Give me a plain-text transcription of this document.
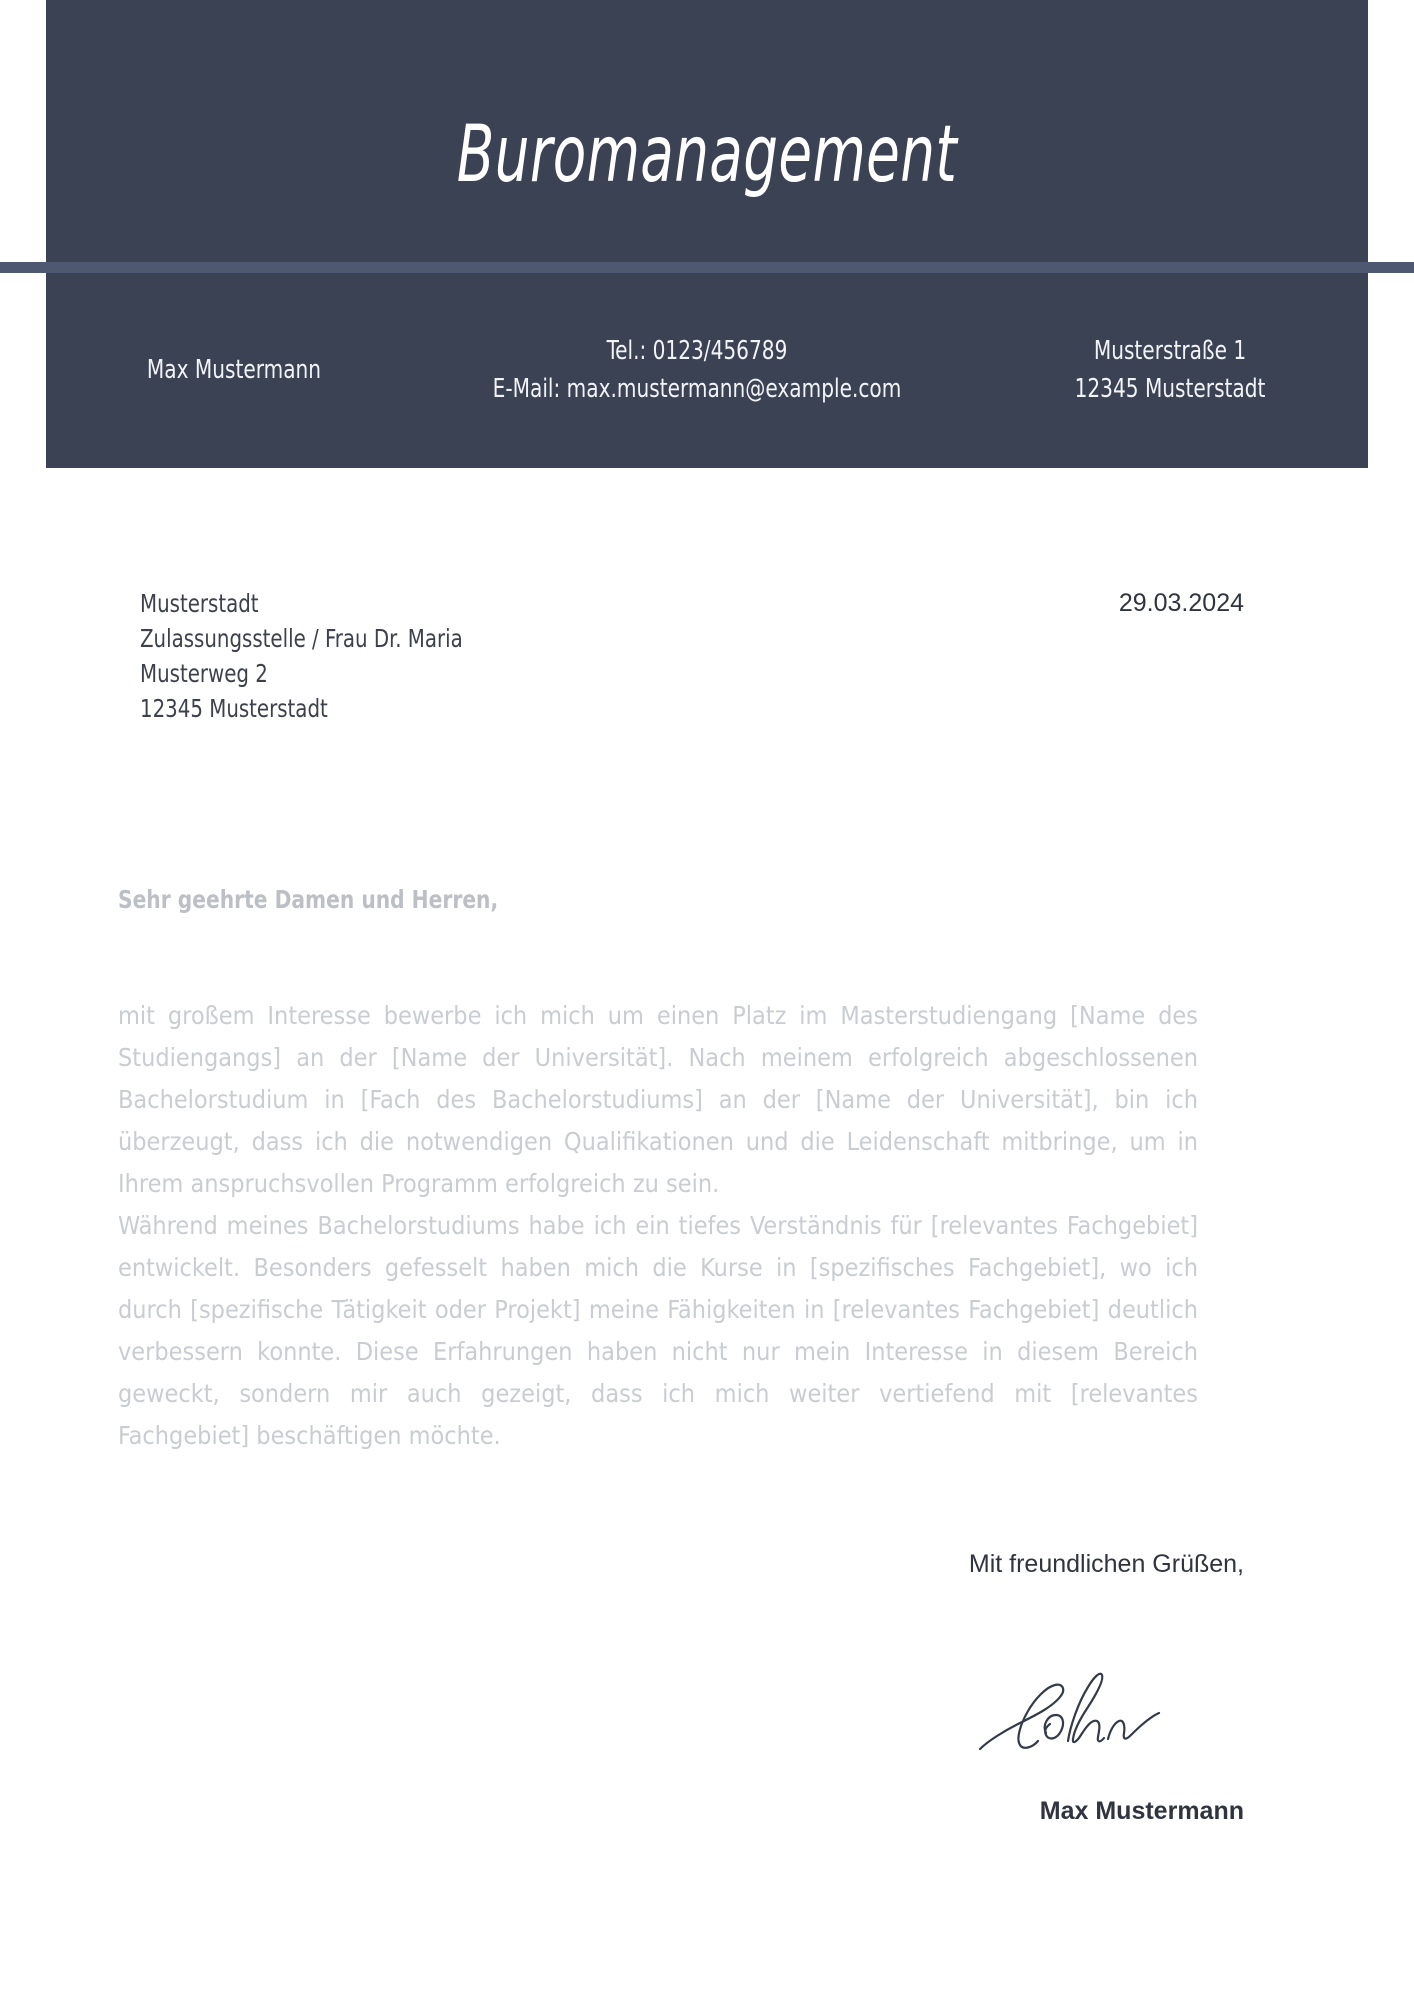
Buromanagement
Max Mustermann
Tel.: 0123/456789
E-Mail: max.mustermann@example.com
Musterstraße 1
12345 Musterstadt
Musterstadt
Zulassungsstelle / Frau Dr. Maria
Musterweg 2
12345 Musterstadt
29.03.2024
Sehr geehrte Damen und Herren,

mit großem Interesse bewerbe ich mich um einen Platz im Masterstudiengang [Name des Studiengangs] an der [Name der Universität]. Nach meinem erfolgreich abgeschlossenen Bachelorstudium in [Fach des Bachelorstudiums] an der [Name der Universität], bin ich überzeugt, dass ich die notwendigen Qualifikationen und die Leidenschaft mitbringe, um in Ihrem anspruchsvollen Programm erfolgreich zu sein.

Während meines Bachelorstudiums habe ich ein tiefes Verständnis für [relevantes Fachgebiet] entwickelt. Besonders gefesselt haben mich die Kurse in [spezifisches Fachgebiet], wo ich durch [spezifische Tätigkeit oder Projekt] meine Fähigkeiten in [relevantes Fachgebiet] deutlich verbessern konnte. Diese Erfahrungen haben nicht nur mein Interesse in diesem Bereich geweckt, sondern mir auch gezeigt, dass ich mich weiter vertiefend mit [relevantes Fachgebiet] beschäftigen möchte.

Mit freundlichen Grüßen,
Max Mustermann
